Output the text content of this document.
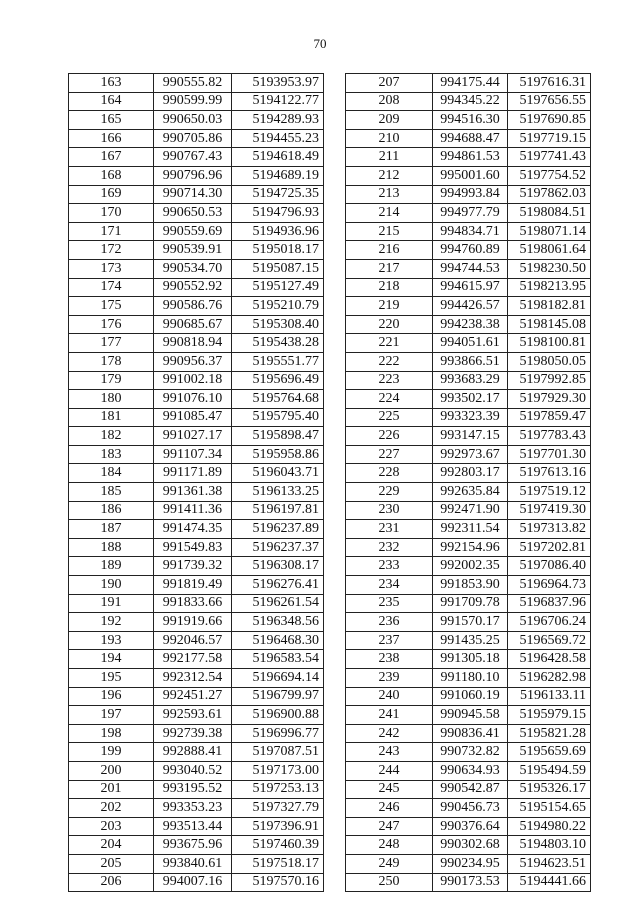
70
163	990555.82	5193953.97
164	990599.99	5194122.77
165	990650.03	5194289.93
166	990705.86	5194455.23
167	990767.43	5194618.49
168	990796.96	5194689.19
169	990714.30	5194725.35
170	990650.53	5194796.93
171	990559.69	5194936.96
172	990539.91	5195018.17
173	990534.70	5195087.15
174	990552.92	5195127.49
175	990586.76	5195210.79
176	990685.67	5195308.40
177	990818.94	5195438.28
178	990956.37	5195551.77
179	991002.18	5195696.49
180	991076.10	5195764.68
181	991085.47	5195795.40
182	991027.17	5195898.47
183	991107.34	5195958.86
184	991171.89	5196043.71
185	991361.38	5196133.25
186	991411.36	5196197.81
187	991474.35	5196237.89
188	991549.83	5196237.37
189	991739.32	5196308.17
190	991819.49	5196276.41
191	991833.66	5196261.54
192	991919.66	5196348.56
193	992046.57	5196468.30
194	992177.58	5196583.54
195	992312.54	5196694.14
196	992451.27	5196799.97
197	992593.61	5196900.88
198	992739.38	5196996.77
199	992888.41	5197087.51
200	993040.52	5197173.00
201	993195.52	5197253.13
202	993353.23	5197327.79
203	993513.44	5197396.91
204	993675.96	5197460.39
205	993840.61	5197518.17
206	994007.16	5197570.16
207	994175.44	5197616.31
208	994345.22	5197656.55
209	994516.30	5197690.85
210	994688.47	5197719.15
211	994861.53	5197741.43
212	995001.60	5197754.52
213	994993.84	5197862.03
214	994977.79	5198084.51
215	994834.71	5198071.14
216	994760.89	5198061.64
217	994744.53	5198230.50
218	994615.97	5198213.95
219	994426.57	5198182.81
220	994238.38	5198145.08
221	994051.61	5198100.81
222	993866.51	5198050.05
223	993683.29	5197992.85
224	993502.17	5197929.30
225	993323.39	5197859.47
226	993147.15	5197783.43
227	992973.67	5197701.30
228	992803.17	5197613.16
229	992635.84	5197519.12
230	992471.90	5197419.30
231	992311.54	5197313.82
232	992154.96	5197202.81
233	992002.35	5197086.40
234	991853.90	5196964.73
235	991709.78	5196837.96
236	991570.17	5196706.24
237	991435.25	5196569.72
238	991305.18	5196428.58
239	991180.10	5196282.98
240	991060.19	5196133.11
241	990945.58	5195979.15
242	990836.41	5195821.28
243	990732.82	5195659.69
244	990634.93	5195494.59
245	990542.87	5195326.17
246	990456.73	5195154.65
247	990376.64	5194980.22
248	990302.68	5194803.10
249	990234.95	5194623.51
250	990173.53	5194441.66
